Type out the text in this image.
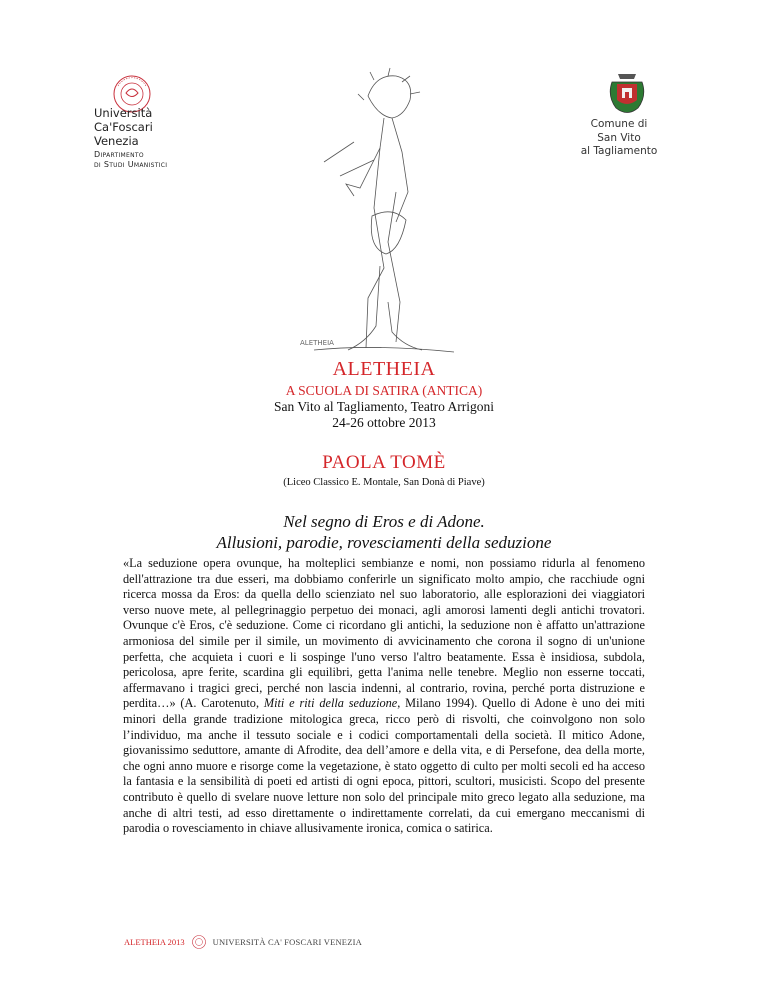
Università
Ca'Foscari
Venezia
Dipartimento
di Studi Umanistici
Comune di
San Vito
al Tagliamento
ALETHEIA
ALETHEIA
A SCUOLA DI SATIRA (ANTICA)
San Vito al Tagliamento, Teatro Arrigoni
24-26 ottobre 2013
PAOLA TOMÈ
(Liceo Classico E. Montale, San Donà di Piave)
Nel segno di Eros e di Adone.
Allusioni, parodie, rovesciamenti della seduzione
«La seduzione opera ovunque, ha molteplici sembianze e nomi, non possiamo ridurla al fenomeno dell'attrazione tra due esseri, ma dobbiamo conferirle un significato molto ampio, che racchiude ogni ricerca mossa da Eros: da quella dello scienziato nel suo laboratorio, alle esplorazioni dei viaggiatori verso nuove mete, al pellegrinaggio perpetuo dei monaci, agli amorosi lamenti degli antichi trovatori. Ovunque c'è Eros, c'è seduzione. Come ci ricordano gli antichi, la seduzione non è affatto un'attrazione armoniosa del simile per il simile, un movimento di avvicinamento che corona il sogno di un'unione perfetta, che acquieta i cuori e li sospinge l'uno verso l'altro beatamente. Essa è insidiosa, subdola, pericolosa, apre ferite, scardina gli equilibri, getta l'anima nelle tenebre. Meglio non esserne toccati, affermavano i tragici greci, perché non lascia indenni, al contrario, rovina, perché porta distruzione e perdita…» (A. Carotenuto, Miti e riti della seduzione, Milano 1994). Quello di Adone è uno dei miti minori della grande tradizione mitologica greca, ricco però di risvolti, che coinvolgono non solo l’individuo, ma anche il tessuto sociale e i codici comportamentali della società. Il mitico Adone, giovanissimo seduttore, amante di Afrodite, dea dell’amore e della vita, e di Persefone, dea della morte, che ogni anno muore e risorge come la vegetazione, è stato oggetto di culto per molti secoli ed ha acceso la fantasia e la sensibilità di poeti ed artisti di ogni epoca, pittori, scultori, musicisti. Scopo del presente contributo è quello di svelare nuove letture non solo del principale mito greco legato alla seduzione, ma anche di altri testi, ad esso direttamente o indirettamente correlati, da cui emergano meccanismi di parodia o rovesciamento in chiave allusivamente ironica, comica o satirica.
ALETHEIA 2013	UNIVERSITÀ CA' FOSCARI VENEZIA
